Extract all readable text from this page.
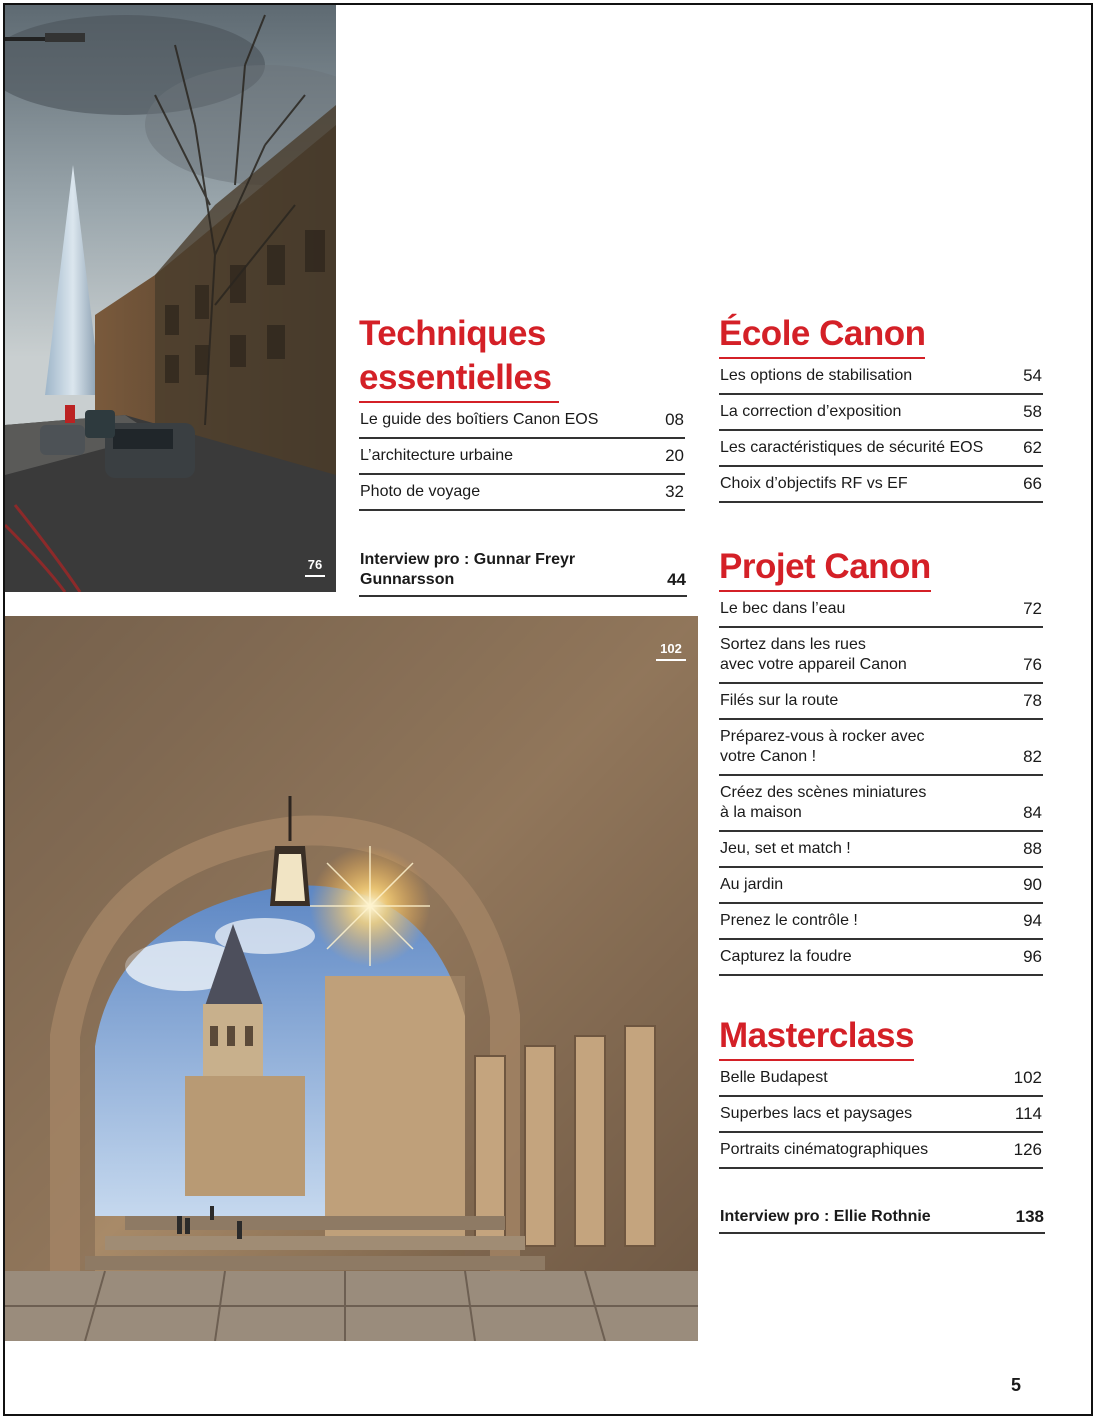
76
102
Techniques
essentielles
Le guide des boîtiers Canon EOS	08
L’architecture urbaine	20
Photo de voyage	32
Interview pro : Gunnar Freyr
Gunnarsson	44
École Canon
Les options de stabilisation	54
La correction d’exposition	58
Les caractéristiques de sécurité EOS	62
Choix d’objectifs RF vs EF	66
Projet Canon
Le bec dans l’eau	72
Sortez dans les rues
avec votre appareil Canon	76
Filés sur la route	78
Préparez-vous à rocker avec
votre Canon !	82
Créez des scènes miniatures
à la maison	84
Jeu, set et match !	88
Au jardin	90
Prenez le contrôle !	94
Capturez la foudre	96
Masterclass
Belle Budapest	102
Superbes lacs et paysages	114
Portraits cinématographiques	126
Interview pro : Ellie Rothnie	138
5
